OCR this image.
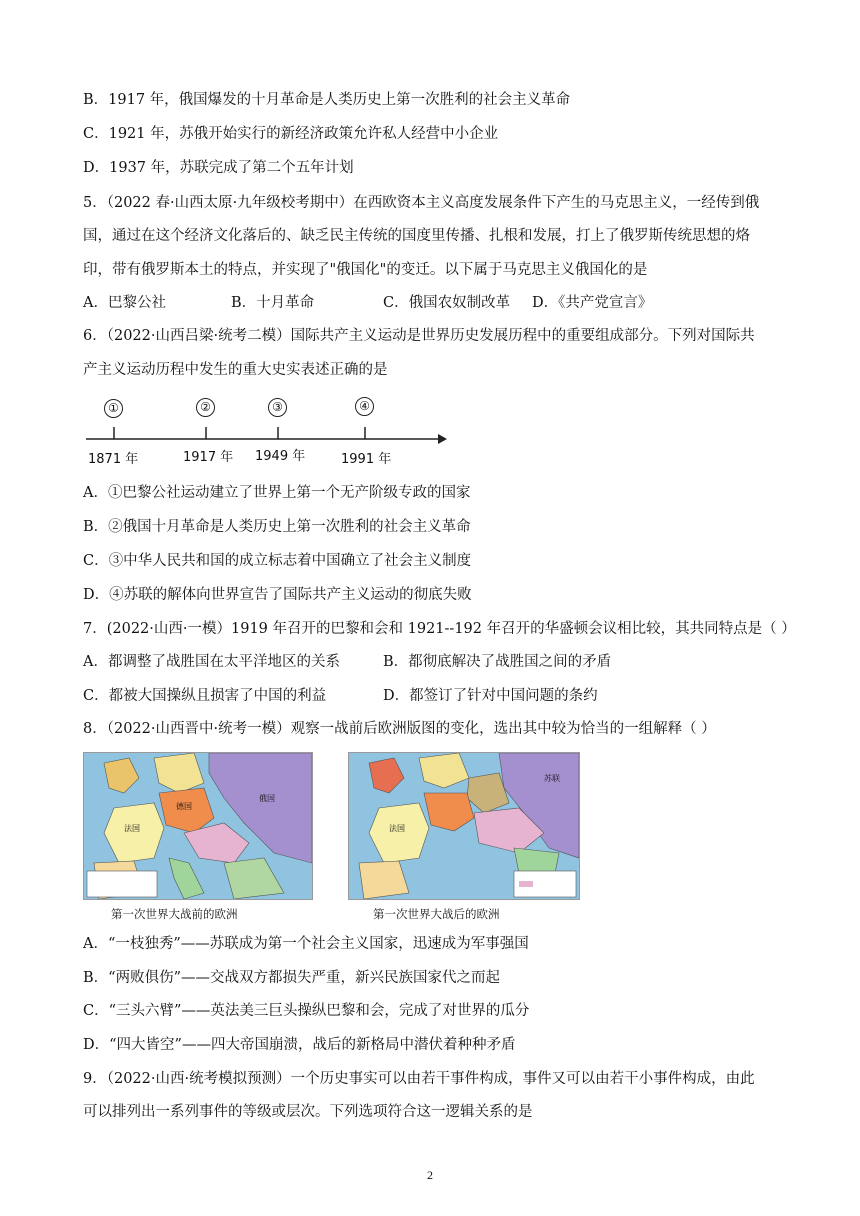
B．1917 年，俄国爆发的十月革命是人类历史上第一次胜利的社会主义革命
C．1921 年，苏俄开始实行的新经济政策允许私人经营中小企业
D．1937 年，苏联完成了第二个五年计划
5．（2022 春·山西太原·九年级校考期中）在西欧资本主义高度发展条件下产生的马克思主义，一经传到俄
国，通过在这个经济文化落后的、缺乏民主传统的国度里传播、扎根和发展，打上了俄罗斯传统思想的烙
印，带有俄罗斯本土的特点，并实现了"俄国化"的变迁。以下属于马克思主义俄国化的是
A．巴黎公社	B．十月革命	C．俄国农奴制改革 D．《共产党宣言》
6．（2022·山西吕梁·统考二模）国际共产主义运动是世界历史发展历程中的重要组成部分。下列对国际共
产主义运动历程中发生的重大史实表述正确的是
①	②	③	④
1871 年	1917 年 1949 年	1991 年
A．①巴黎公社运动建立了世界上第一个无产阶级专政的国家
B．②俄国十月革命是人类历史上第一次胜利的社会主义革命
C．③中华人民共和国的成立标志着中国确立了社会主义制度
D．④苏联的解体向世界宣告了国际共产主义运动的彻底失败
7．(2022·山西·一模）1919 年召开的巴黎和会和 1921--192 年召开的华盛顿会议相比较，其共同特点是（ ）
A．都调整了战胜国在太平洋地区的关系	B．都彻底解决了战胜国之间的矛盾
C．都被大国操纵且损害了中国的利益	D．都签订了针对中国问题的条约
8．（2022·山西晋中·统考一模）观察一战前后欧洲版图的变化，选出其中较为恰当的一组解释（ ）
法国
德国
俄国
法国
苏联
第一次世界大战前的欧洲	第一次世界大战后的欧洲
A．“一枝独秀”——苏联成为第一个社会主义国家，迅速成为军事强国
B．“两败俱伤”——交战双方都损失严重，新兴民族国家代之而起
C．“三头六臂”——英法美三巨头操纵巴黎和会，完成了对世界的瓜分
D．“四大皆空”——四大帝国崩溃，战后的新格局中潜伏着种种矛盾
9．（2022·山西·统考模拟预测）一个历史事实可以由若干事件构成，事件又可以由若干小事件构成，由此
可以排列出一系列事件的等级或层次。下列选项符合这一逻辑关系的是
2
